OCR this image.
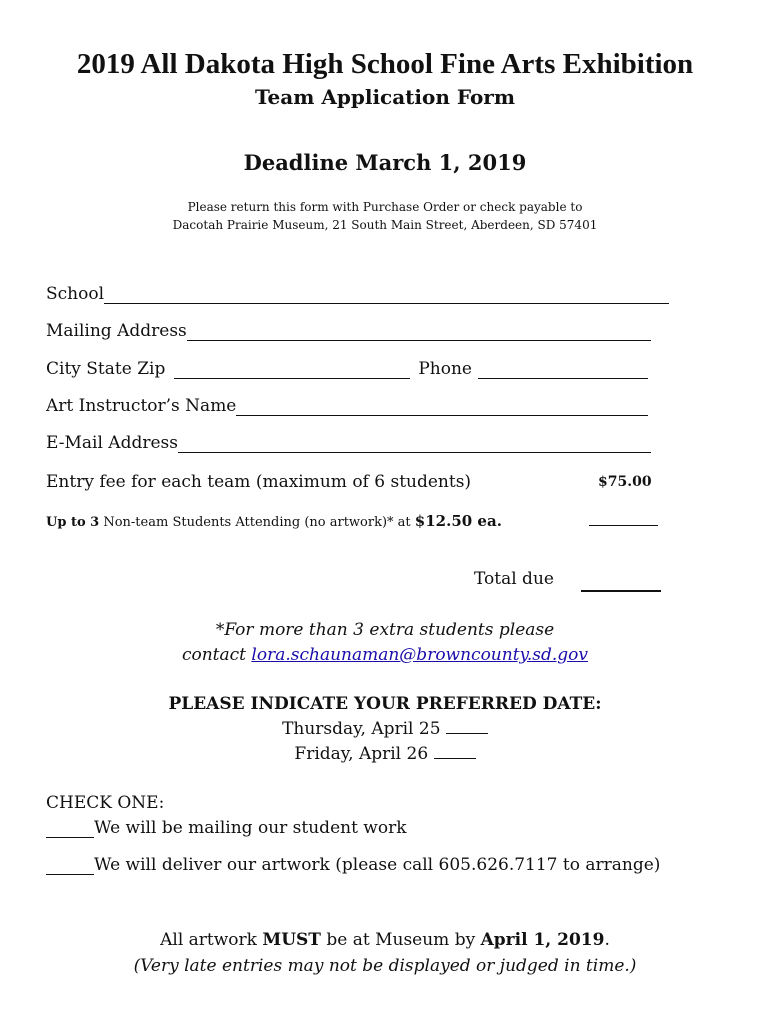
2019 All Dakota High School Fine Arts Exhibition
Team Application Form
Deadline March 1, 2019
Please return this form with Purchase Order or check payable to
Dacotah Prairie Museum, 21 South Main Street, Aberdeen, SD 57401
School
Mailing Address
City State Zip	Phone
Art Instructor’s Name
E-Mail Address
Entry fee for each team (maximum of 6 students)	$75.00
Up to 3 Non-team Students Attending (no artwork)* at $12.50 ea.
Total due
*For more than 3 extra students please
contact lora.schaunaman@browncounty.sd.gov
PLEASE INDICATE YOUR PREFERRED DATE:
Thursday, April 25
Friday, April 26
CHECK ONE:
We will be mailing our student work
We will deliver our artwork (please call 605.626.7117 to arrange)
All artwork MUST be at Museum by April 1, 2019.
(Very late entries may not be displayed or judged in time.)
